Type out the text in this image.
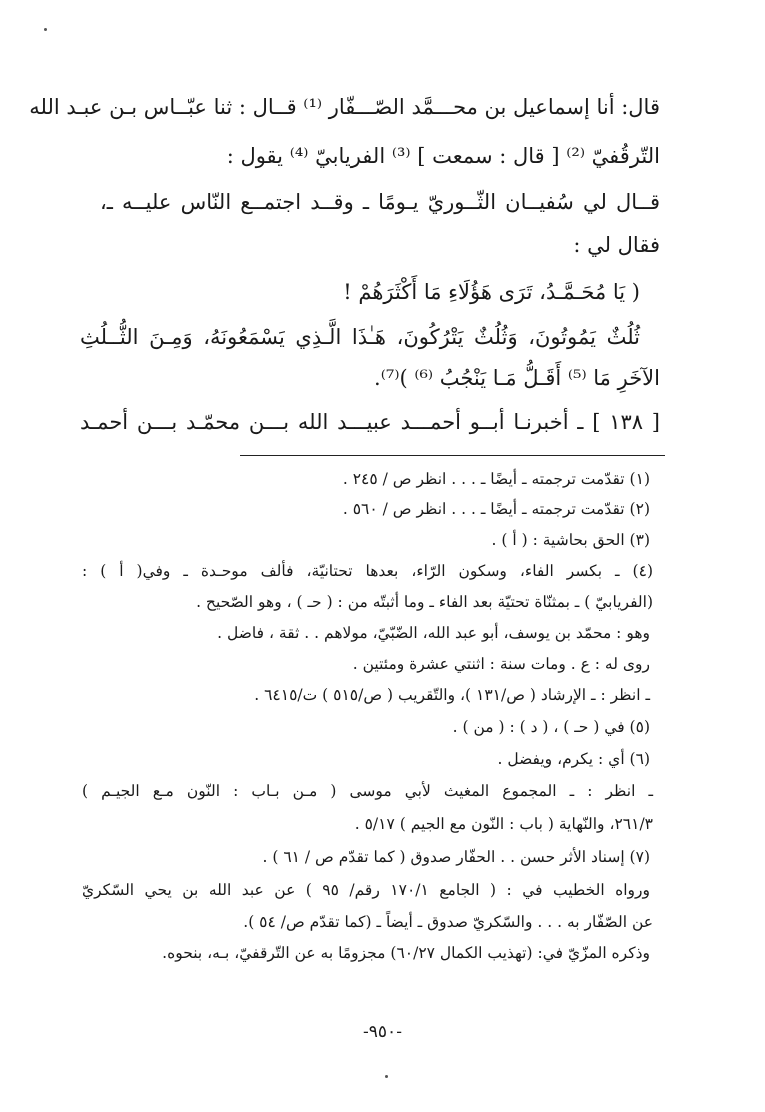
قال: أنا إسماعيل بن محـــمَّد الصّـــفّار ⁽¹⁾ قــال : ثنا عبّــاس بـن عبـد الله
التّرقُفيّ ⁽²⁾ [ قال : سمعت ] ⁽³⁾ الفريابيّ ⁽⁴⁾ يقول :
قــال لي سُفيــان الثّــوريّ يـومًا ـ وقــد اجتمــع النّاس عليــه ـ،
فقال لي :
( يَا مُحَـمَّـدُ، تَرَى هَؤُلَاءِ مَا أَكْثَرَهُمْ !
ثُلُثٌ يَمُوتُونَ، وَثُلُثٌ يَتْرُكُونَ، هَـٰذَا الَّـذِي يَسْمَعُونَهُ، وَمِـنَ الثُّــلُثِ
الآخَرِ مَا ⁽⁵⁾ أَقَـلُّ مَـا يَنْجُبُ ⁽⁶⁾ )⁽⁷⁾.
[ ١٣٨ ] ـ أخبرنـا أبــو أحمـــد عبيـــد الله بـــن محمّـد بـــن أحمـد
(١) تقدّمت ترجمته ـ أيضًا ـ . . . انظر ص / ٢٤٥ .
(٢) تقدّمت ترجمته ـ أيضًا ـ . . . انظر ص / ٥٦٠ .
(٣) الحق بحاشية : ( أ ) .
(٤) ـ بكسر الفاء، وسكون الرّاء، بعدها تحتانيّة، فألف موحـدة ـ وفي( أ ) :
(الفريابيّ ) ـ بمثنّاة تحتيّة بعد الفاء ـ وما أثبتّه من : ( حـ ) ، وهو الصّحيح .
وهو : محمّد بن يوسف، أبو عبد الله، الضّبّيّ، مولاهم . . ثقة ، فاضل .
روى له : ع . ومات سنة : اثنتي عشرة ومئتين .
ـ انظر : ـ الإرشاد ( ص/١٣١ )، والتّقريب ( ص/٥١٥ ) ت/٦٤١٥ .
(٥) في ( حـ ) ، ( د ) : ( من ) .
(٦) أي : يكرم، ويفضل .
ـ انظر : ـ المجموع المغيث لأبي موسى ( مـن بـاب : النّون مـع الجيـم )
٢٦١/٣، والنّهاية ( باب : النّون مع الجيم ) ٥/١٧ .
(٧) إسناد الأثر حسن . . الحفّار صدوق ( كما تقدّم ص / ٦١ ) .
ورواه الخطيب في : ( الجامع ١٧٠/١ رقم/ ٩٥ ) عن عبد الله بن يحي السّكريّ
عن الصّفّار به . . . والسّكريّ صدوق ـ أيضاً ـ (كما تقدّم ص/ ٥٤ ).
وذكره المزّيّ في: (تهذيب الكمال ٦٠/٢٧) مجزومًا به عن التّرقفيّ، بـه، بنحوه.
-٩٥٠-
